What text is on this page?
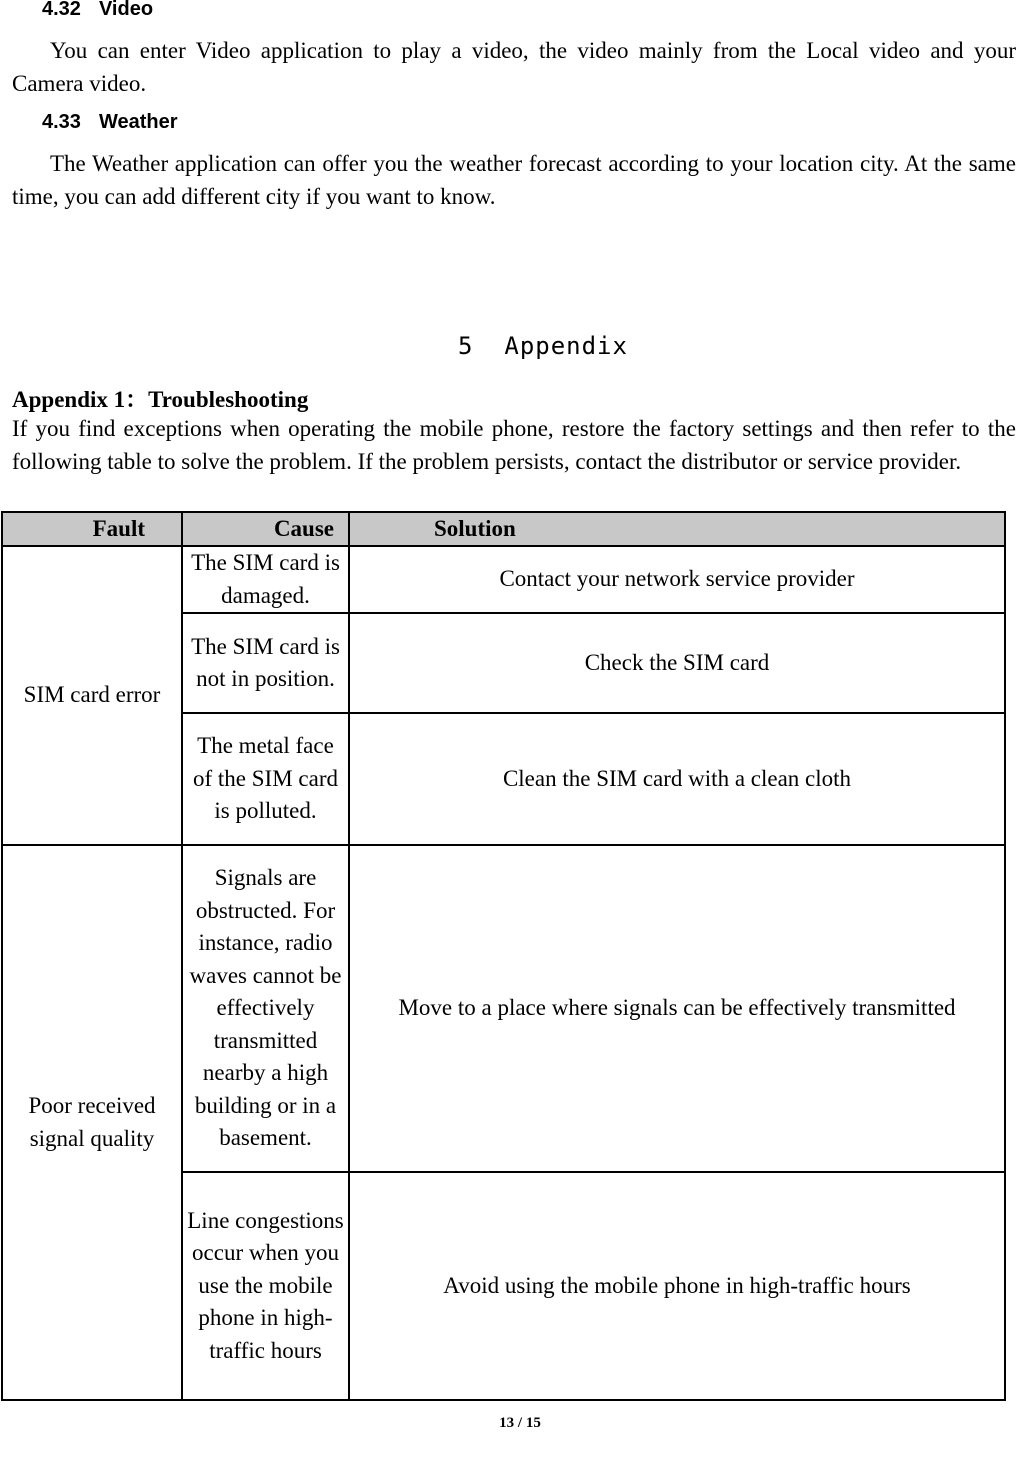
4.32 Video
You can enter Video application to play a video, the video mainly from the Local video and your Camera video.
4.33 Weather
The Weather application can offer you the weather forecast according to your location city. At the same time, you can add different city if you want to know.
5  Appendix
Appendix 1：Troubleshooting
If you find exceptions when operating the mobile phone, restore the factory settings and then refer to the following table to solve the problem. If the problem persists, contact the distributor or service provider.
Fault	Cause	Solution
SIM card error	The SIM card is damaged.	Contact your network service provider
	The SIM card is not in position.	Check the SIM card
	The metal face of the SIM card is polluted.	Clean the SIM card with a clean cloth
Poor received signal quality	Signals are obstructed. For instance, radio waves cannot be effectively transmitted nearby a high building or in a basement.	Move to a place where signals can be effectively transmitted
	Line congestions occur when you use the mobile phone in high-traffic hours	Avoid using the mobile phone in high-traffic hours
13 / 15
